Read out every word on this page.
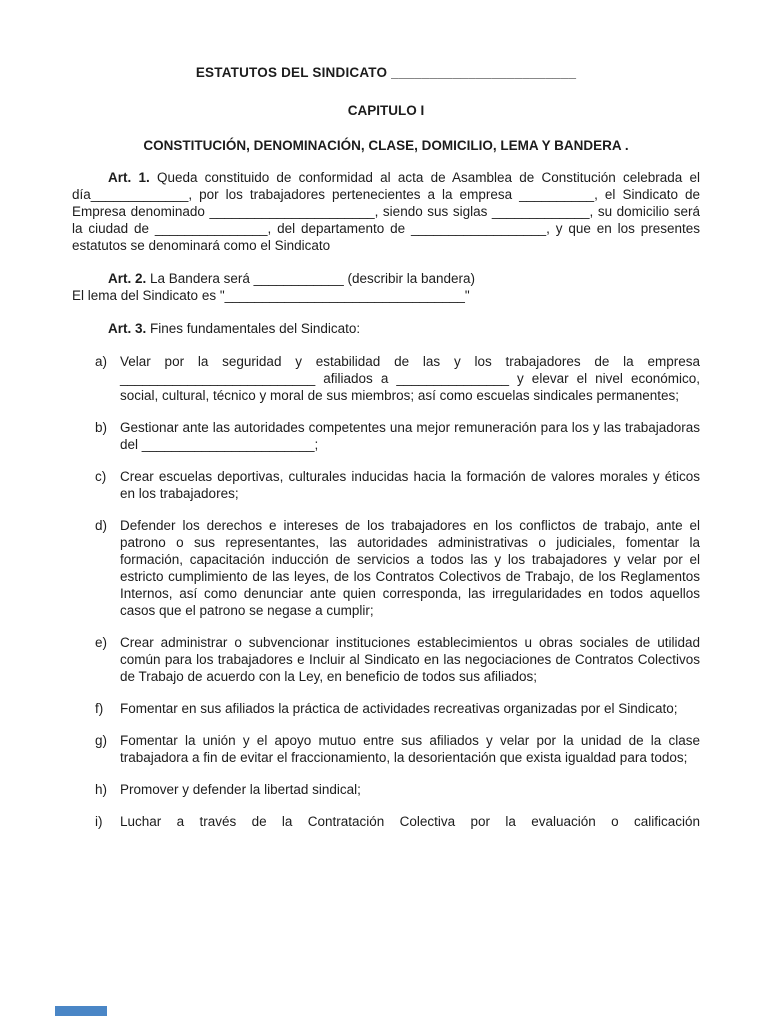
ESTATUTOS DEL SINDICATO ________________________
CAPITULO I
CONSTITUCIÓN, DENOMINACIÓN, CLASE, DOMICILIO, LEMA Y BANDERA .

Art. 1. Queda constituido de conformidad al acta de Asamblea de Constitución celebrada el día_____________, por los trabajadores pertenecientes a la empresa __________, el Sindicato de Empresa denominado ______________________, siendo sus siglas _____________, su domicilio será la ciudad de _______________, del departamento de __________________, y que en los presentes estatutos se denominará como el Sindicato

Art. 2. La Bandera será ____________ (describir la bandera)

El lema del Sindicato es "________________________________"

Art. 3. Fines fundamentales del Sindicato:

a) Velar por la seguridad y estabilidad de las y los trabajadores de la empresa __________________________ afiliados a _______________ y elevar el nivel económico, social, cultural, técnico y moral de sus miembros; así como escuelas sindicales permanentes;
b) Gestionar ante las autoridades competentes una mejor remuneración para los y las trabajadoras del _______________________;
c)	Crear escuelas deportivas, culturales inducidas hacia la formación de valores morales y éticos en los trabajadores;
d) Defender los derechos e intereses de los trabajadores en los conflictos de trabajo, ante el patrono o sus representantes, las autoridades administrativas o judiciales, fomentar la formación, capacitación inducción de servicios a todos las y los trabajadores y velar por el estricto cumplimiento de las leyes, de los Contratos Colectivos de Trabajo, de los Reglamentos Internos, así como denunciar ante quien corresponda, las irregularidades en todos aquellos casos que el patrono se negase a cumplir;
e) Crear administrar o subvencionar instituciones establecimientos u obras sociales de utilidad común para los trabajadores e Incluir al Sindicato en las negociaciones de Contratos Colectivos de Trabajo de acuerdo con la Ley, en beneficio de todos sus afiliados;
f)	Fomentar en sus afiliados la práctica de actividades recreativas organizadas por el Sindicato;
g) Fomentar la unión y el apoyo mutuo entre sus afiliados y velar por la unidad de la clase trabajadora a fin de evitar el fraccionamiento, la desorientación que exista igualdad para todos;
h) Promover y defender la libertad sindical;
i)	Luchar a través de la Contratación Colectiva por la evaluación o calificación
